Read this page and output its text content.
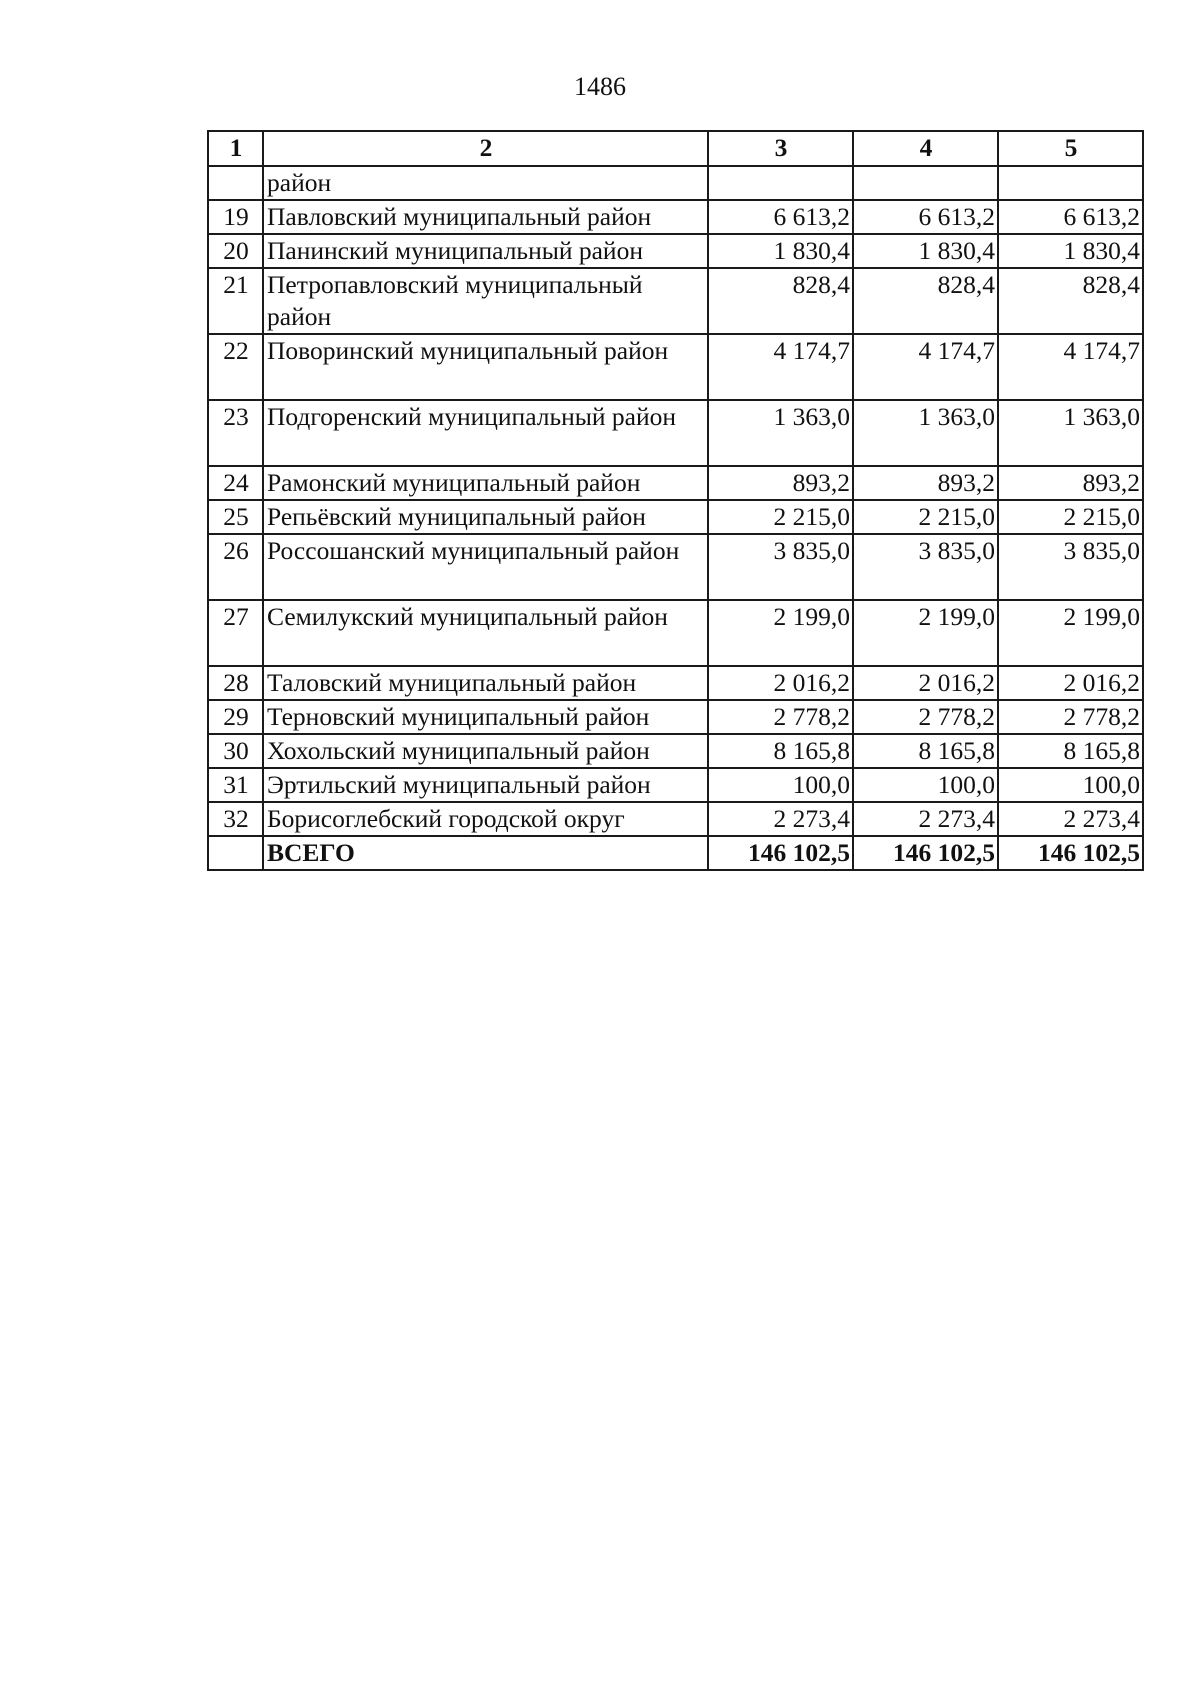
1486
1	2	3	4	5
	район			
19	Павловский муниципальный район	6 613,2	6 613,2	6 613,2
20	Панинский муниципальный район	1 830,4	1 830,4	1 830,4
21	Петропавловский муниципальный район	828,4	828,4	828,4
22	Поворинский муниципальный район	4 174,7	4 174,7	4 174,7
23	Подгоренский муниципальный район	1 363,0	1 363,0	1 363,0
24	Рамонский муниципальный район	893,2	893,2	893,2
25	Репьёвский муниципальный район	2 215,0	2 215,0	2 215,0
26	Россошанский муниципальный район	3 835,0	3 835,0	3 835,0
27	Семилукский муниципальный район	2 199,0	2 199,0	2 199,0
28	Таловский муниципальный район	2 016,2	2 016,2	2 016,2
29	Терновский муниципальный район	2 778,2	2 778,2	2 778,2
30	Хохольский муниципальный район	8 165,8	8 165,8	8 165,8
31	Эртильский муниципальный район	100,0	100,0	100,0
32	Борисоглебский городской округ	2 273,4	2 273,4	2 273,4
	ВСЕГО	146 102,5	146 102,5	146 102,5
